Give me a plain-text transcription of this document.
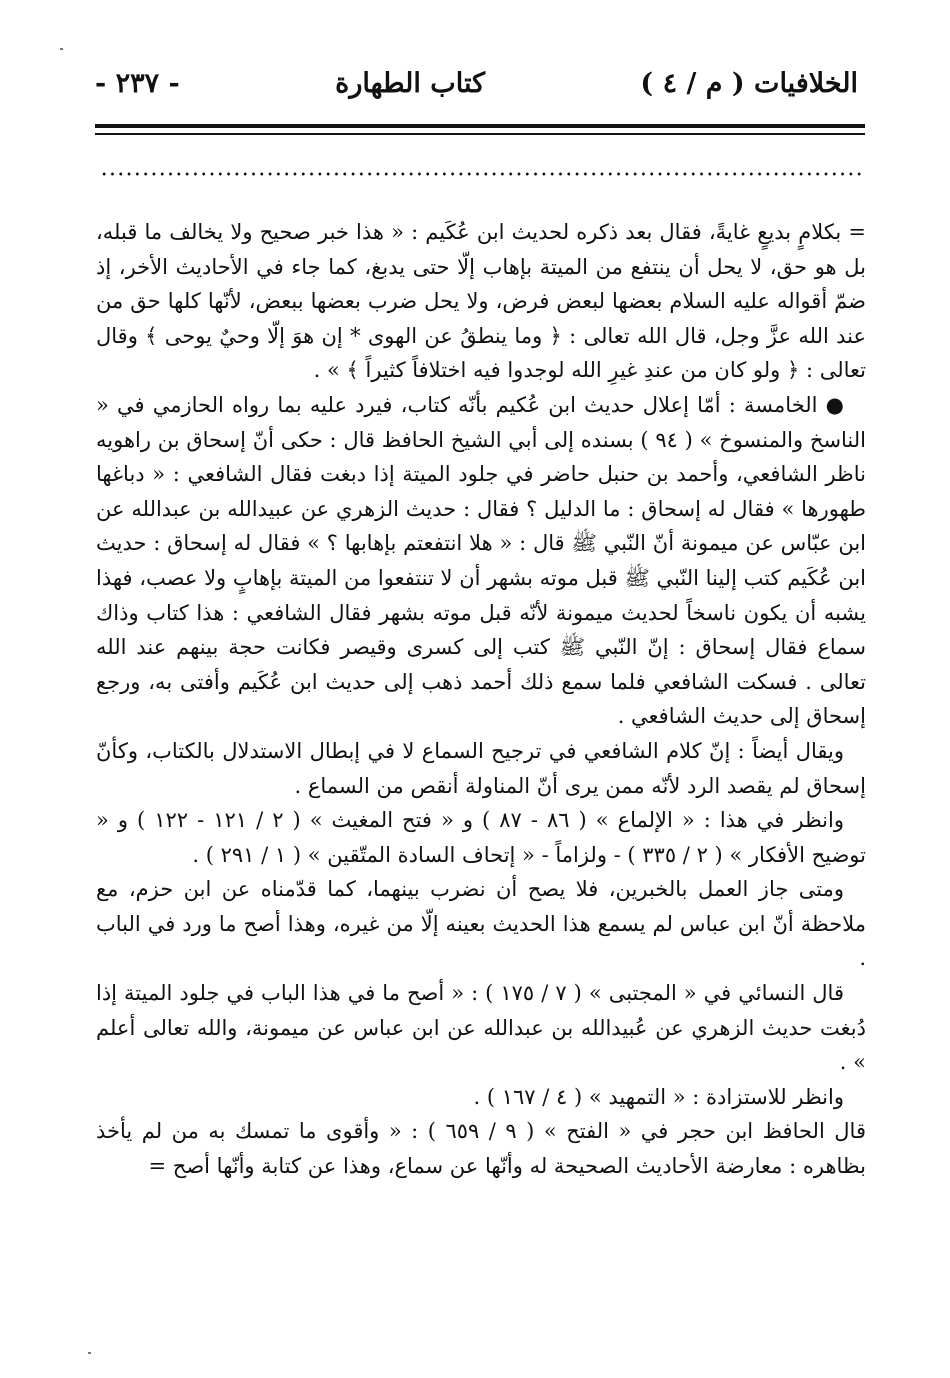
الخلافيات ( م / ٤ )
كتاب الطهارة
- ٢٣٧ -

= بكلامٍ بديعٍ غايةً، فقال بعد ذكره لحديث ابن عُكَيم : « هذا خبر صحيح ولا يخالف ما قبله، بل هو حق، لا يحل أن ينتفع من الميتة بإهاب إلّا حتى يدبغ، كما جاء في الأحاديث الأخر، إذ ضمّ أقواله عليه السلام بعضها لبعض فرض، ولا يحل ضرب بعضها ببعض، لأنّها كلها حق من عند الله عزَّ وجل، قال الله تعالى : ﴿ وما ينطقُ عن الهوى * إن هوَ إلّا وحيٌ يوحى ﴾ وقال تعالى : ﴿ ولو كان من عندِ غيرِ الله لوجدوا فيه اختلافاً كثيراً ﴾ » .

● الخامسة : أمّا إعلال حديث ابن عُكيم بأنّه كتاب، فيرد عليه بما رواه الحازمي في « الناسخ والمنسوخ » ( ٩٤ ) بسنده إلى أبي الشيخ الحافظ قال : حكى أنّ إسحاق بن راهويه ناظر الشافعي، وأحمد بن حنبل حاضر في جلود الميتة إذا دبغت فقال الشافعي : « دباغها طهورها » فقال له إسحاق : ما الدليل ؟ فقال : حديث الزهري عن عبيدالله بن عبدالله عن ابن عبّاس عن ميمونة أنّ النّبي ﷺ قال : « هلا انتفعتم بإهابها ؟ » فقال له إسحاق : حديث ابن عُكَيم كتب إلينا النّبي ﷺ قبل موته بشهر أن لا تنتفعوا من الميتة بإهابٍ ولا عصب، فهذا يشبه أن يكون ناسخاً لحديث ميمونة لأنّه قبل موته بشهر فقال الشافعي : هذا كتاب وذاك سماع فقال إسحاق : إنّ النّبي ﷺ كتب إلى كسرى وقيصر فكانت حجة بينهم عند الله تعالى . فسكت الشافعي فلما سمع ذلك أحمد ذهب إلى حديث ابن عُكَيم وأفتى به، ورجع إسحاق إلى حديث الشافعي .

ويقال أيضاً : إنّ كلام الشافعي في ترجيح السماع لا في إبطال الاستدلال بالكتاب، وكأنّ إسحاق لم يقصد الرد لأنّه ممن يرى أنّ المناولة أنقص من السماع .

وانظر في هذا : « الإلماع » ( ٨٦ - ٨٧ ) و « فتح المغيث » ( ٢ / ١٢١ - ١٢٢ ) و « توضيح الأفكار » ( ٢ / ٣٣٥ ) - ولزاماً - « إتحاف السادة المتّقين » ( ١ / ٢٩١ ) .

ومتى جاز العمل بالخبرين، فلا يصح أن نضرب بينهما، كما قدّمناه عن ابن حزم، مع ملاحظة أنّ ابن عباس لم يسمع هذا الحديث بعينه إلّا من غيره، وهذا أصح ما ورد في الباب .

قال النسائي في « المجتبى » ( ٧ / ١٧٥ ) : « أصح ما في هذا الباب في جلود الميتة إذا دُبغت حديث الزهري عن عُبيدالله بن عبدالله عن ابن عباس عن ميمونة، والله تعالى أعلم » .

وانظر للاستزادة : « التمهيد » ( ٤ / ١٦٧ ) .

قال الحافظ ابن حجر في « الفتح » ( ٩ / ٦٥٩ ) : « وأقوى ما تمسك به من لم يأخذ بظاهره : معارضة الأحاديث الصحيحة له وأنّها عن سماع، وهذا عن كتابة وأنّها أصح =
